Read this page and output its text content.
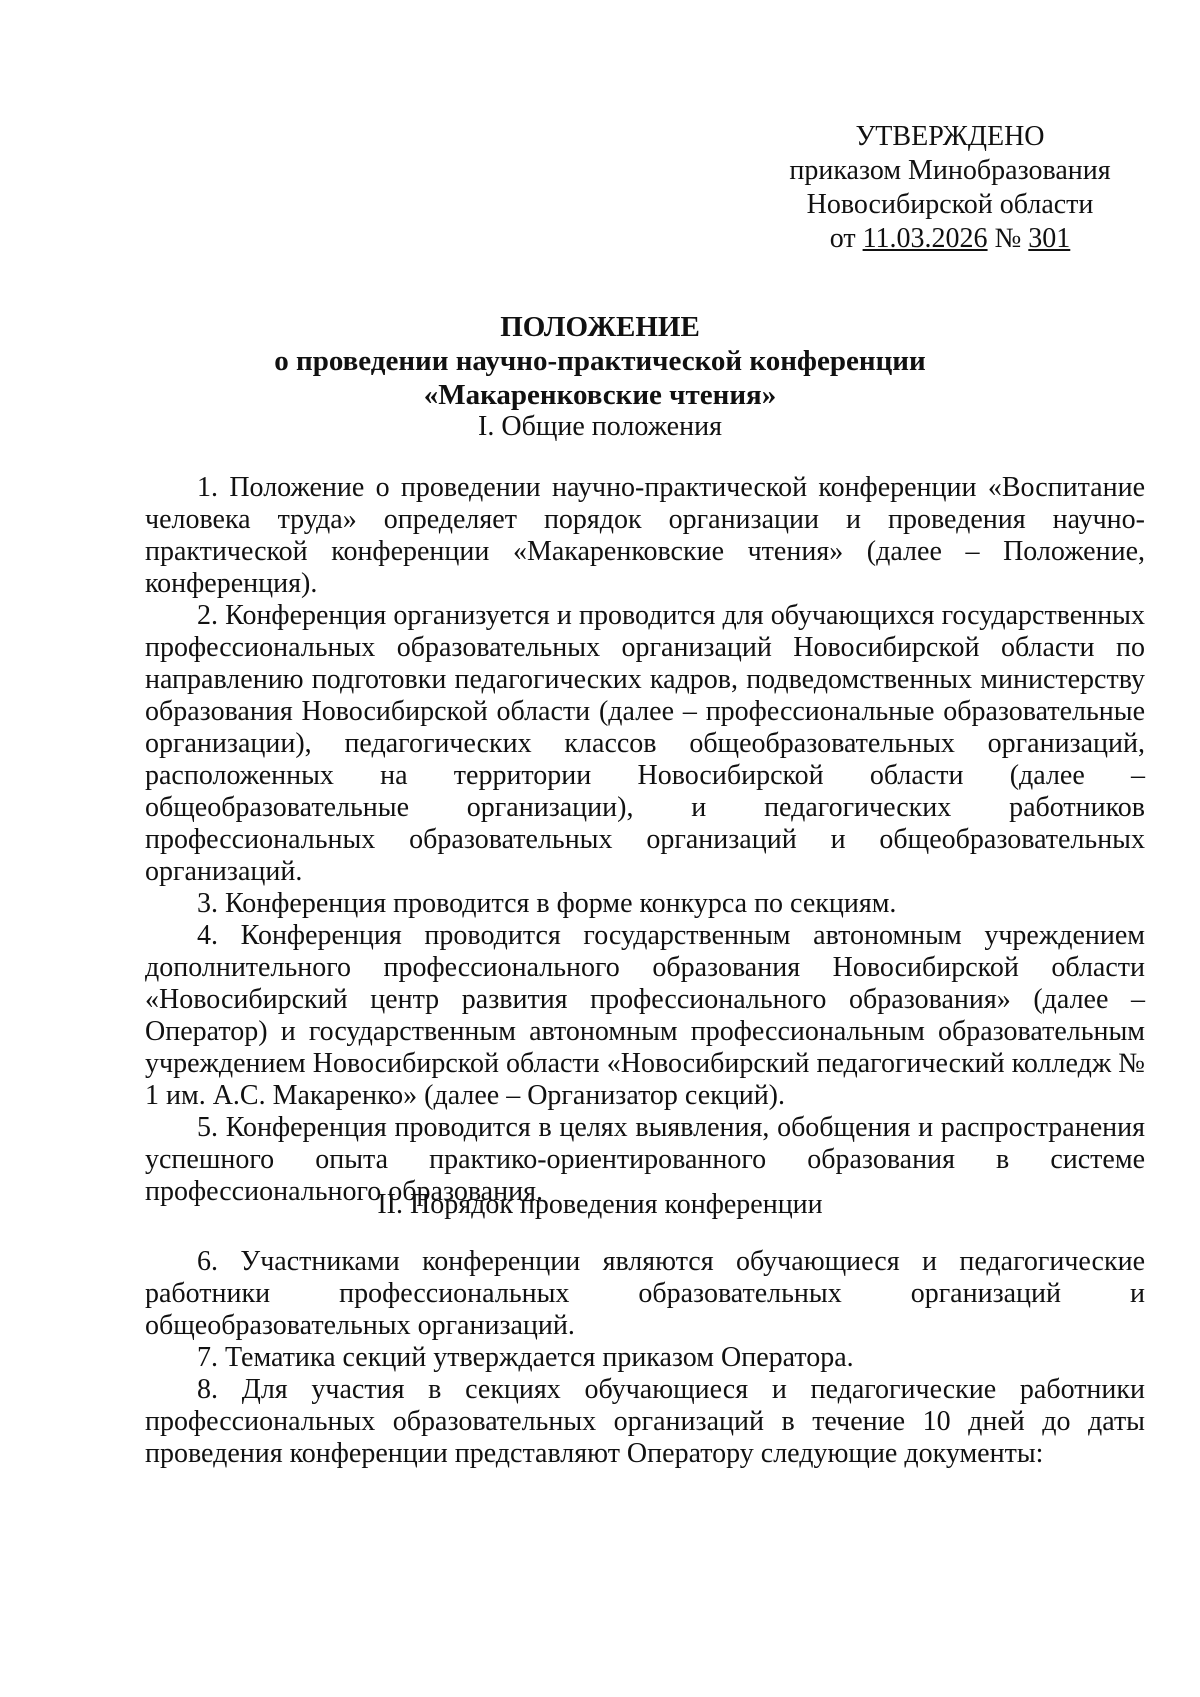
УТВЕРЖДЕНО
приказом Минобразования
Новосибирской области
от 11.03.2026 № 301
ПОЛОЖЕНИЕ
о проведении научно-практической конференции
«Макаренковские чтения»
I. Общие положения

1. Положение о проведении научно-практической конференции «Воспитание человека труда» определяет порядок организации и проведения научно-практической конференции «Макаренковские чтения» (далее – Положение, конференция).

2. Конференция организуется и проводится для обучающихся государственных профессиональных образовательных организаций Новосибирской области по направлению подготовки педагогических кадров, подведомственных министерству образования Новосибирской области (далее – профессиональные образовательные организации), педагогических классов общеобразовательных организаций, расположенных на территории Новосибирской области (далее – общеобразовательные организации), и педагогических работников профессиональных образовательных организаций и общеобразовательных организаций.

3. Конференция проводится в форме конкурса по секциям.

4. Конференция проводится государственным автономным учреждением дополнительного профессионального образования Новосибирской области «Новосибирский центр развития профессионального образования» (далее – Оператор) и государственным автономным профессиональным образовательным учреждением Новосибирской области «Новосибирский педагогический колледж № 1 им. А.С. Макаренко» (далее – Организатор секций).

5. Конференция проводится в целях выявления, обобщения и распространения успешного опыта практико-ориентированного образования в системе профессионального образования.

II. Порядок проведения конференции

6. Участниками конференции являются обучающиеся и педагогические работники профессиональных образовательных организаций и общеобразовательных организаций.

7. Тематика секций утверждается приказом Оператора.

8. Для участия в секциях обучающиеся и педагогические работники профессиональных образовательных организаций в течение 10 дней до даты проведения конференции представляют Оператору следующие документы:
